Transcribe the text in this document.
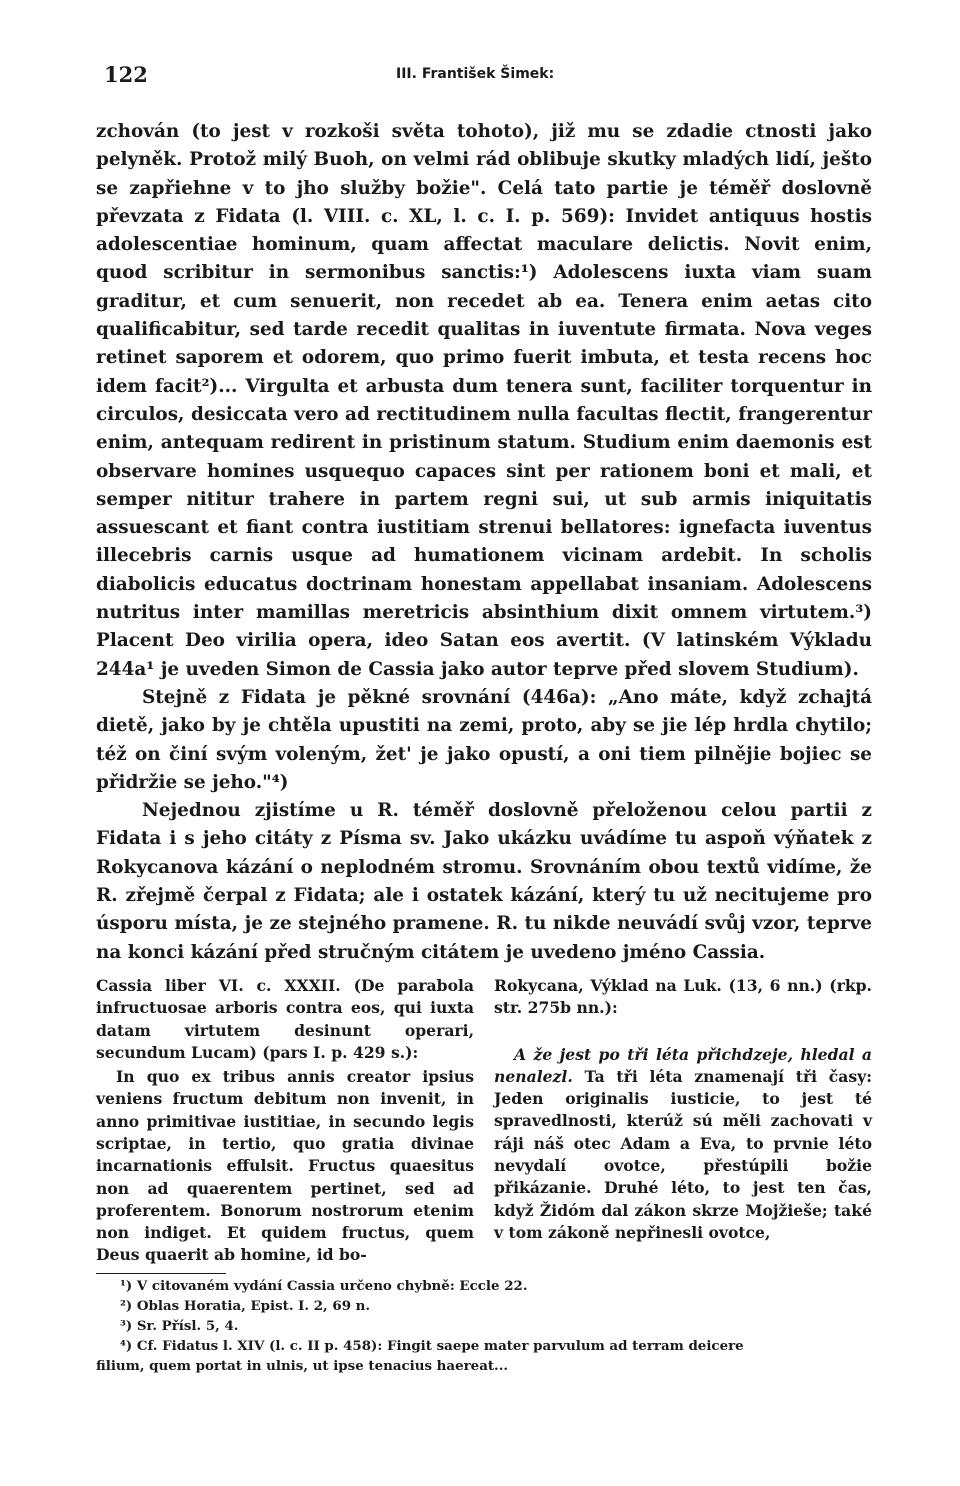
122	III. František Šimek:

zchován (to jest v rozkoši světa tohoto), již mu se zdadie ctnosti jako pelyněk. Protož milý Buoh, on velmi rád oblibuje skutky mladých lidí, ješto se zapřiehne v to jho služby božie". Celá tato partie je téměř doslovně převzata z Fidata (l. VIII. c. XL, l. c. I. p. 569): Invidet antiquus hostis adolescentiae hominum, quam affectat maculare delictis. Novit enim, quod scribitur in sermonibus sanctis:¹) Adolescens iuxta viam suam graditur, et cum senuerit, non recedet ab ea. Tenera enim aetas cito qualificabitur, sed tarde recedit qualitas in iuventute firmata. Nova veges retinet saporem et odorem, quo primo fuerit imbuta, et testa recens hoc idem facit²)... Virgulta et arbusta dum tenera sunt, faciliter torquentur in circulos, desiccata vero ad rectitudinem nulla facultas flectit, frangerentur enim, antequam redirent in pristinum statum. Studium enim daemonis est observare homines usquequo capaces sint per rationem boni et mali, et semper nititur trahere in partem regni sui, ut sub armis iniquitatis assuescant et fiant contra iustitiam strenui bellatores: ignefacta iuventus illecebris carnis usque ad humationem vicinam ardebit. In scholis diabolicis educatus doctrinam honestam appellabat insaniam. Adolescens nutritus inter mamillas meretricis absinthium dixit omnem virtutem.³) Placent Deo virilia opera, ideo Satan eos avertit. (V latinském Výkladu 244a¹ je uveden Simon de Cassia jako autor teprve před slovem Studium).

Stejně z Fidata je pěkné srovnání (446a): „Ano máte, když zchajtá dietě, jako by je chtěla upustiti na zemi, proto, aby se jie lép hrdla chytilo; též on činí svým voleným, žet' je jako opustí, a oni tiem pilnějie bojiec se přidržie se jeho."⁴)

Nejednou zjistíme u R. téměř doslovně přeloženou celou partii z Fidata i s jeho citáty z Písma sv. Jako ukázku uvádíme tu aspoň výňatek z Rokycanova kázání o neplodném stromu. Srovnáním obou textů vidíme, že R. zřejmě čerpal z Fidata; ale i ostatek kázání, který tu už necitujeme pro úsporu místa, je ze stejného pramene. R. tu nikde neuvádí svůj vzor, teprve na konci kázání před stručným citátem je uvedeno jméno Cassia.

Cassia liber VI. c. XXXII. (De parabola infructuosae arboris contra eos, qui iuxta datam virtutem desinunt operari, secundum Lucam) (pars I. p. 429 s.):

In quo ex tribus annis creator ipsius veniens fructum debitum non invenit, in anno primitivae iustitiae, in secundo legis scriptae, in tertio, quo gratia divinae incarnationis effulsit. Fructus quaesitus non ad quaerentem pertinet, sed ad proferentem. Bonorum nostrorum etenim non indiget. Et quidem fructus, quem Deus quaerit ab homine, id bo-

Rokycana, Výklad na Luk. (13, 6 nn.) (rkp. str. 275b nn.):

A že jest po tři léta přichdzeje, hledal a nenalezl. Ta tři léta znamenají tři časy: Jeden originalis iusticie, to jest té spravedlnosti, kterúž sú měli zachovati v ráji náš otec Adam a Eva, to prvnie léto nevydalí ovotce, přestúpili božie přikázanie. Druhé léto, to jest ten čas, když Židóm dal zákon skrze Mojžieše; také v tom zákoně nepřinesli ovotce,

¹) V citovaném vydání Cassia určeno chybně: Eccle 22.

²) Oblas Horatia, Epist. I. 2, 69 n.

³) Sr. Přísl. 5, 4.

⁴) Cf. Fidatus l. XIV (l. c. II p. 458): Fingit saepe mater parvulum ad terram deicere

filium, quem portat in ulnis, ut ipse tenacius haereat...
